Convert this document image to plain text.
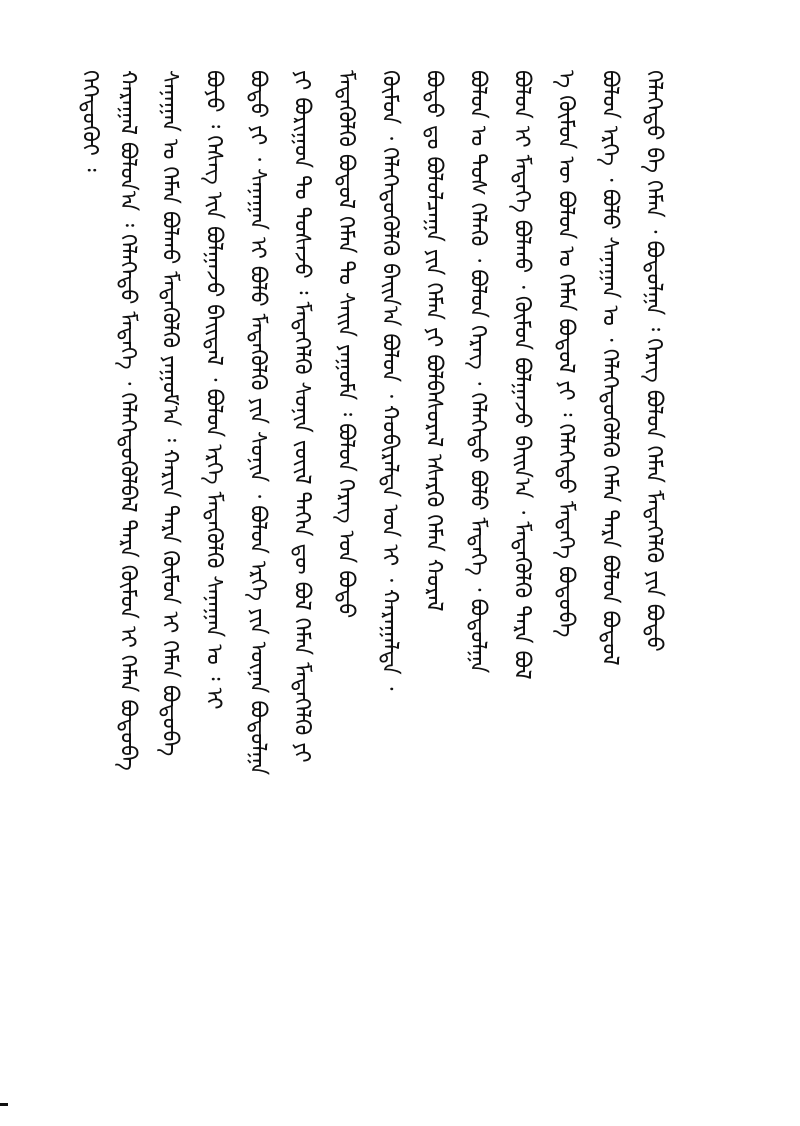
ᠬᠡᠭᠡᠳᠦᠭᠦᠢ ᠄ ᠬᠠᠷᠠᠭᠠᠯ ᠪᠣᠯᠤᠨ᠎ᠠ ᠄ ᠬᠡᠯᠡᠭᠡᠳᠦ ᠮᠡᠳᠡᠭᠡ ᠂ ᠬᠡᠯᠡᠭᠡᠳᠦᠭᠦᠯᠪᠡᠯ ᠲᠡᠷᠡ ᠬᠦᠮᠦᠨ ᠢ ᠬᠡᠮᠡᠨ ᠪᠣᠳᠣᠪᠠ ᠰᠠᠨᠠᠭᠠᠨ ᠤ ᠬᠡᠮᠡᠨ ᠪᠣᠯᠬᠤ ᠮᠡᠳᠡᠭᠦᠯᠬᠦ ᠶᠠᠭᠤᠮ᠎ᠠ ᠄ ᠬᠠᠷᠢᠨ ᠲᠡᠷᠡ ᠬᠦᠮᠦᠨ ᠢ ᠬᠡᠮᠡᠨ ᠪᠣᠳᠣᠪᠠ ᠪᠤᠶᠤ ᠄ ᠬᠡᠰᠡᠭ ᠢᠨ ᠪᠣᠯᠭᠠᠵᠤ ᠪᠠᠢᠳᠠᠯ ᠂ ᠪᠣᠯᠤᠨ ᠡᠷᠬᠡ ᠮᠡᠳᠡᠭᠦᠯᠬᠦ ᠰᠠᠨᠠᠭᠠᠨ ᠤ ᠄ ᠢ ᠪᠣᠳᠣ ᠶᠢ ᠂ ᠰᠠᠨᠠᠭᠠᠨ ᠢ ᠪᠣᠯᠤ ᠮᠡᠳᠡᠭᠦᠯᠬᠦ ᠶᠢᠨ ᠰᠣᠨᠢᠨ ᠂ ᠪᠣᠯᠤᠨ ᠡᠷᠬᠡ ᠶᠢᠨ ᠦᠨᠡᠨ ᠪᠣᠳᠣᠯᠭᠠ ᠶᠢ ᠪᠤᠷᠢᠭᠤᠨ ᠲᠤ ᠲᠤᠰᠠᠵᠤ ᠄ ᠮᠡᠳᠡᠭᠡᠯᠬᠦ ᠰᠣᠨᠢᠨ ᠵᠦᠢᠯ ᠲᠡᠭᠡᠨ ᠳᠦ ᠪᠣᠯ ᠬᠡᠮᠡᠨ ᠮᠡᠳᠡᠭᠡᠯᠬᠦ ᠶᠢ ᠮᠡᠳᠡᠭᠦᠯᠬᠦ ᠪᠣᠳᠣᠯ ᠬᠡᠮᠡᠨ ᠲᠤ ᠰᠠᠢᠨ ᠶᠠᠭᠤᠮᠠ ᠄ ᠪᠣᠯᠤᠨ ᠬᠡᠷᠡᠭ ᠤᠨ ᠪᠣᠳᠣ ᠬᠦᠮᠦᠨ ᠂ ᠬᠡᠯᠡᠭᠡᠳᠦᠭᠦᠯᠬᠦ ᠪᠠᠢᠨ᠎ᠠ ᠪᠣᠯᠤᠨ ᠂ ᠬᠤᠪᠢᠷᠠᠯᠲᠠ ᠤᠨ ᠢ ᠂ ᠬᠠᠷᠠᠭᠠᠯᠲᠠ ᠂ ᠪᠣᠳᠣ ᠳᠤ ᠪᠣᠯᠤᠯᠴᠠᠭᠠ ᠶᠢᠨ ᠬᠡᠮᠡᠨ ᠶᠢ ᠪᠣᠯᠪᠠᠰᠤᠷᠠᠯ ᠡᠰᠡᠷᠭᠦ ᠬᠡᠮᠡᠨ ᠬᠤᠷᠠᠯ ᠪᠣᠯᠤᠨ ᠤ ᠲᠤᠰ ᠬᠡᠯᠡᠬᠦ ᠂ ᠪᠣᠯᠤᠨ ᠬᠡᠷᠡᠭ ᠂ ᠬᠡᠯᠡᠭᠡᠳᠦ ᠪᠣᠯᠤ ᠮᠡᠳᠡᠭᠡ ᠂ ᠪᠣᠳᠣᠯᠭᠠ ᠪᠣᠯᠤᠨ ᠢ ᠮᠡᠳᠡᠭᠡ ᠪᠣᠯᠬᠤ ᠂ ᠬᠦᠮᠦᠨ ᠪᠣᠯᠭᠠᠵᠤ ᠪᠠᠢᠨ᠎ᠠ ᠂ ᠮᠡᠳᠡᠭᠦᠯᠬᠦ ᠲᠡᠷᠡ ᠪᠣᠯ ᠡ ᠬᠦᠮᠦᠨ ᠦ ᠪᠣᠯᠤᠨ ᠤ ᠬᠡᠮᠡᠨ ᠪᠣᠳᠣᠯ ᠶᠢ ᠄ ᠬᠡᠯᠡᠭᠡᠳᠦ ᠮᠡᠳᠡᠭᠡ ᠪᠣᠳᠣᠪᠠ ᠪᠣᠯᠤᠨ ᠡᠷᠬᠡ ᠂ ᠪᠣᠯᠤ ᠰᠠᠨᠠᠭᠠᠨ ᠤ ᠂ ᠬᠡᠯᠡᠭᠡᠳᠦᠭᠦᠯᠬᠦ ᠬᠡᠮᠡᠨ ᠲᠡᠷᠡ ᠪᠣᠯᠤᠨ ᠪᠣᠳᠣᠯ ᠬᠡᠯᠡᠭᠡᠳᠦ ᠪᠠ ᠬᠡᠮᠡᠨ ᠂ ᠪᠣᠳᠣᠯᠭᠠ ᠄ ᠬᠡᠷᠡᠭ ᠪᠣᠯᠤᠨ ᠬᠡᠮᠡᠨ ᠮᠡᠳᠡᠭᠡᠯᠬᠦ ᠶᠢᠨ ᠪᠣᠳᠣ
